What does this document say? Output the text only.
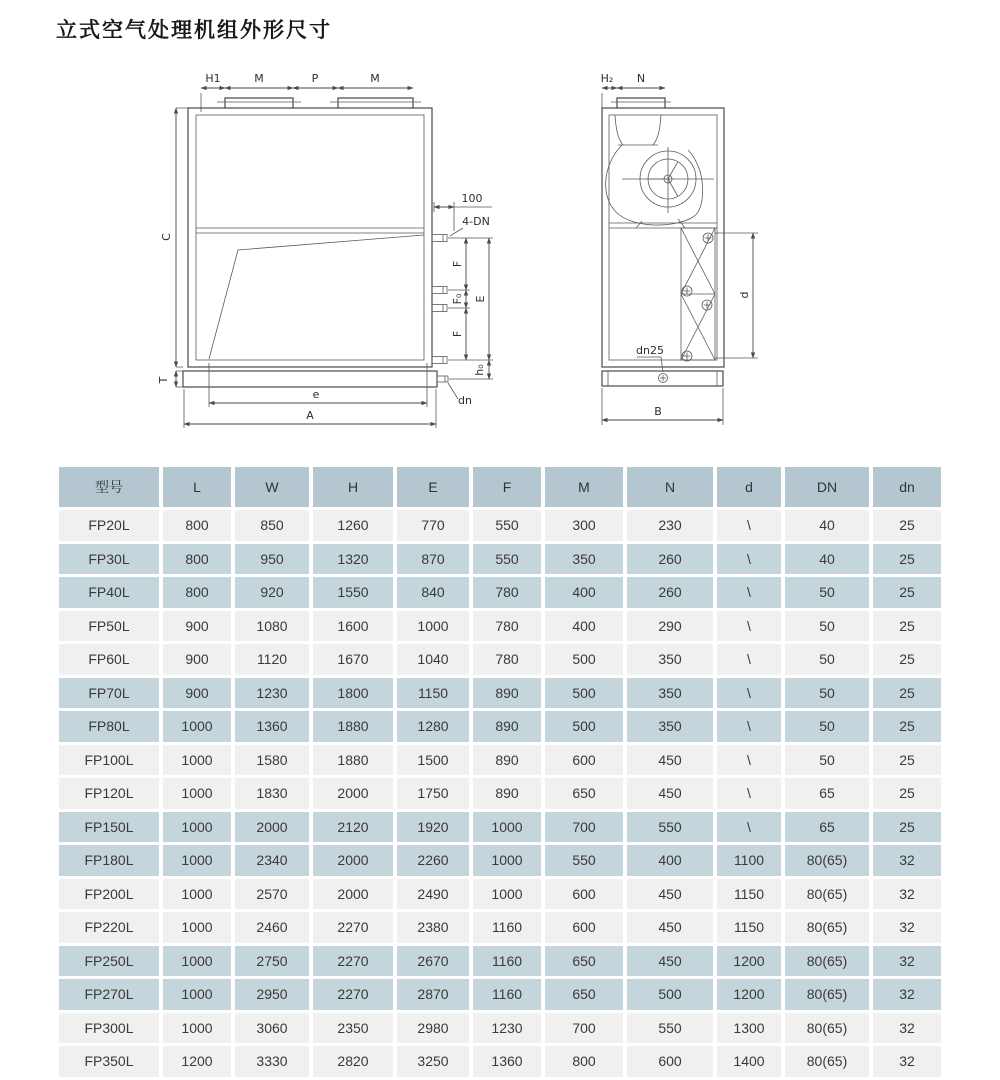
立式空气处理机组外形尺寸
H1	M	P	M
100
4-DN
F
F₀
F
E
h₀
C
T
e
A
dn
H₂ N
d
dn25
B
型号	L	W	H	E	F	M	N	d	DN	dn
FP20L	800	850	1260	770	550	300	230	\	40	25
FP30L	800	950	1320	870	550	350	260	\	40	25
FP40L	800	920	1550	840	780	400	260	\	50	25
FP50L	900	1080	1600	1000	780	400	290	\	50	25
FP60L	900	1120	1670	1040	780	500	350	\	50	25
FP70L	900	1230	1800	1150	890	500	350	\	50	25
FP80L	1000	1360	1880	1280	890	500	350	\	50	25
FP100L	1000	1580	1880	1500	890	600	450	\	50	25
FP120L	1000	1830	2000	1750	890	650	450	\	65	25
FP150L	1000	2000	2120	1920	1000	700	550	\	65	25
FP180L	1000	2340	2000	2260	1000	550	400	1100	80(65)	32
FP200L	1000	2570	2000	2490	1000	600	450	1150	80(65)	32
FP220L	1000	2460	2270	2380	1160	600	450	1150	80(65)	32
FP250L	1000	2750	2270	2670	1160	650	450	1200	80(65)	32
FP270L	1000	2950	2270	2870	1160	650	500	1200	80(65)	32
FP300L	1000	3060	2350	2980	1230	700	550	1300	80(65)	32
FP350L	1200	3330	2820	3250	1360	800	600	1400	80(65)	32
